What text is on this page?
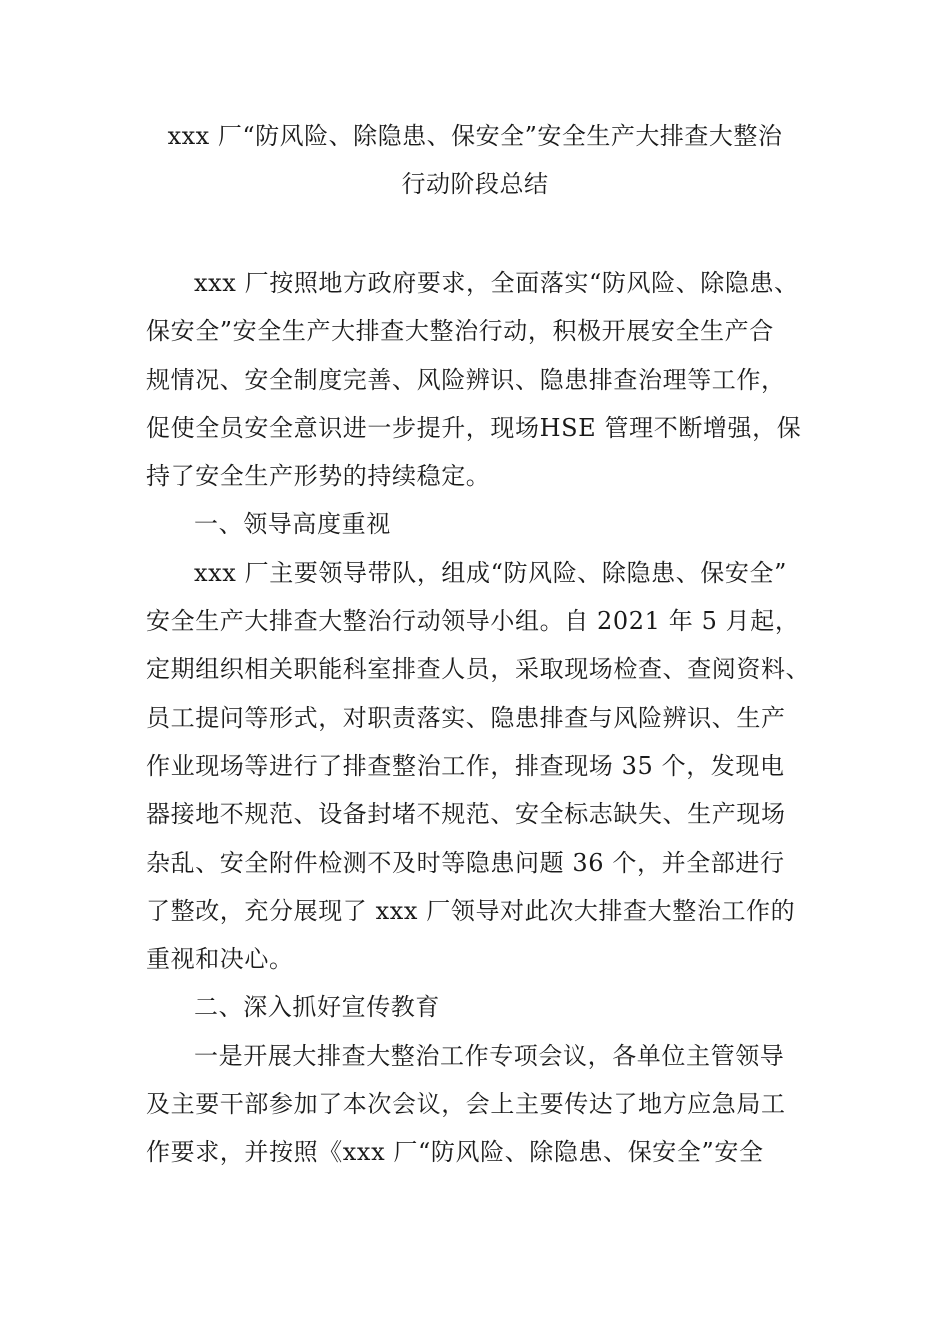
xxx 厂“防风险、除隐患、保安全”安全生产大排查大整治
行动阶段总结
xxx 厂按照地方政府要求，全面落实“防风险、除隐患、
保安全”安全生产大排查大整治行动，积极开展安全生产合
规情况、安全制度完善、风险辨识、隐患排查治理等工作，
促使全员安全意识进一步提升，现场HSE 管理不断增强，保
持了安全生产形势的持续稳定。
一、领导高度重视
xxx 厂主要领导带队，组成“防风险、除隐患、保安全”
安全生产大排查大整治行动领导小组。自 2021 年 5 月起，
定期组织相关职能科室排查人员，采取现场检查、查阅资料、
员工提问等形式，对职责落实、隐患排查与风险辨识、生产
作业现场等进行了排查整治工作，排查现场 35 个，发现电
器接地不规范、设备封堵不规范、安全标志缺失、生产现场
杂乱、安全附件检测不及时等隐患问题 36 个，并全部进行
了整改，充分展现了 xxx 厂领导对此次大排查大整治工作的
重视和决心。
二、深入抓好宣传教育
一是开展大排查大整治工作专项会议，各单位主管领导
及主要干部参加了本次会议，会上主要传达了地方应急局工
作要求，并按照《xxx 厂“防风险、除隐患、保安全”安全
